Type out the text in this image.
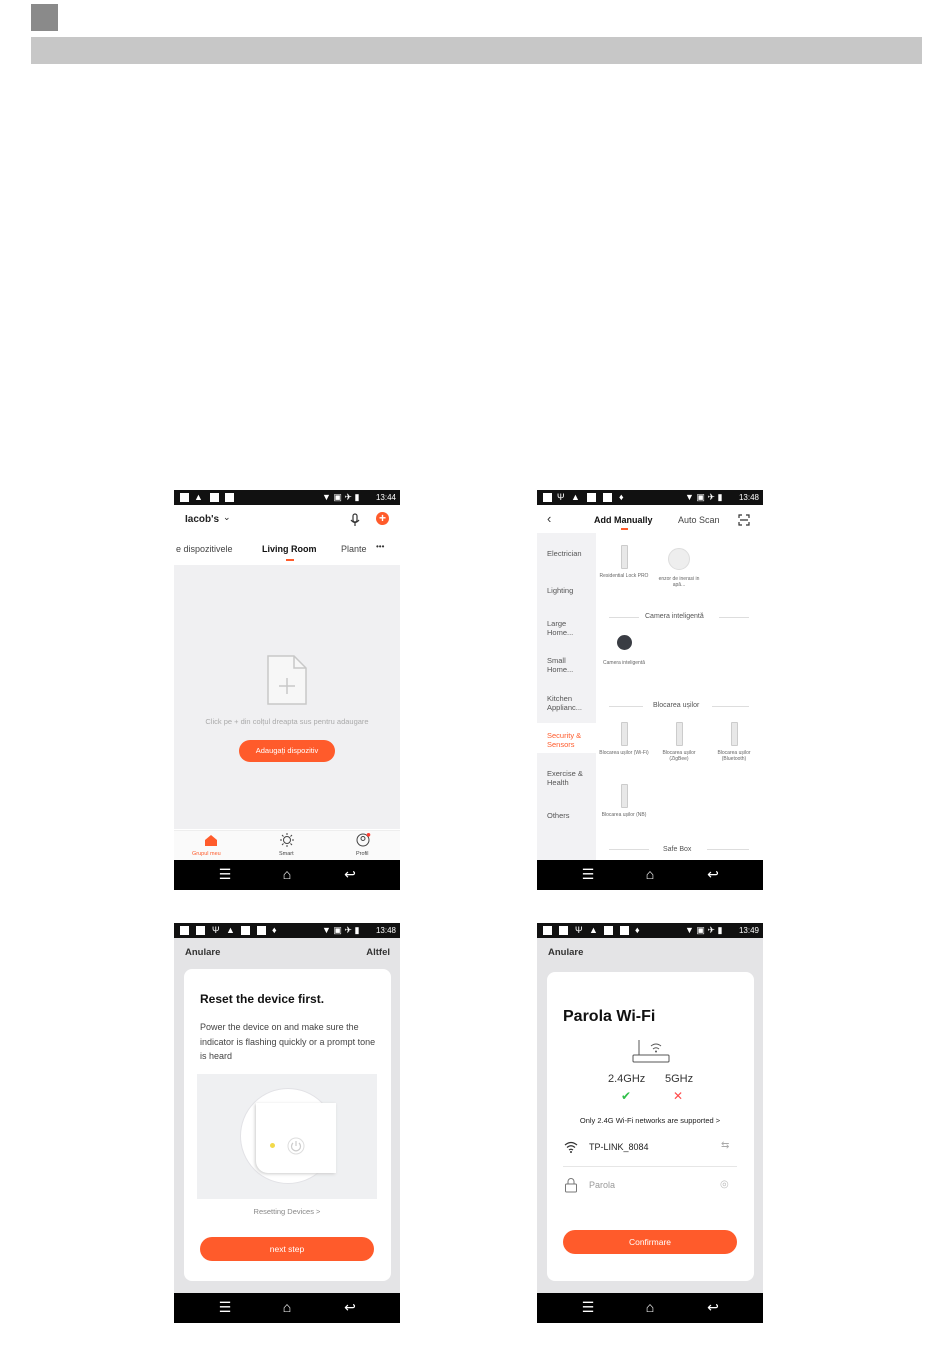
▲	▼ ▣ ✈ ▮ 13:44
Iacob's ⌄	+
e dispozitivele	Living Room	Plante •••
Click pe + din colțul dreapta sus pentru adaugare
Adaugați dispozitiv
Grupul meu	Smart	Profil
☰	⌂	↩
Ψ ▲	♦	▼ ▣ ✈ ▮ 13:48
‹	Add Manually	Auto Scan
Electrician
Lighting
Large Home...
Small Home...
Kitchen Applianc...
Security & Sensors
Exercise & Health
Others
Residential Lock PRO	enzor de inerasi in apă...
Camera inteligentă
Camera inteligentă
Blocarea ușilor
Blocarea ușilor (Wi-Fi)	Blocarea ușilor (ZigBee)
Blocarea ușilor (Bluetooth)
Blocarea ușilor (NB)
Safe Box
☰	⌂	↩
Ψ ▲	♦	▼ ▣ ✈ ▮ 13:48
Anulare	Altfel
Reset the device first.
Power the device on and make sure the indicator is flashing quickly or a prompt tone is heard
Resetting Devices >
next step
☰	⌂	↩
Ψ ▲	♦	▼ ▣ ✈ ▮ 13:49
Anulare
Parola Wi-Fi
2.4GHz 5GHz
✔	✕
Only 2.4G Wi-Fi networks are supported >
TP-LINK_8084	⇆
Parola	◎
Confirmare
☰	⌂	↩
